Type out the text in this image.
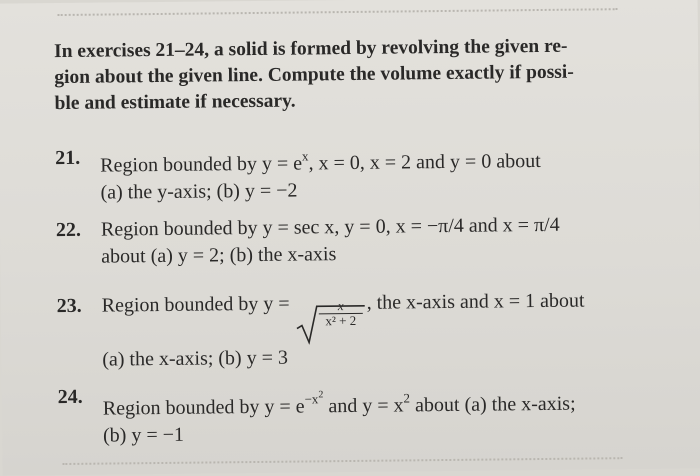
In exercises 21–24, a solid is formed by revolving the given re-
gion about the given line. Compute the volume exactly if possi-
ble and estimate if necessary.
21. Region bounded by $y = e^x$, x = 0, x = 2 and y = 0 about
(a) the y-axis; (b) y = −2
22. Region bounded by y = sec x, y = 0, x = −π/4 and x = π/4
about (a) y = 2; (b) the x-axis
23. Region bounded by $y = \frac{x}{\text{x² + 2}}$ , the x-axis and x = 1 about
(a) the x-axis; (b) y = 3
24. Region bounded by $y = e^{-x^2}$ and $y = x^2$ about (a) the x-axis;
(b) y = −1
